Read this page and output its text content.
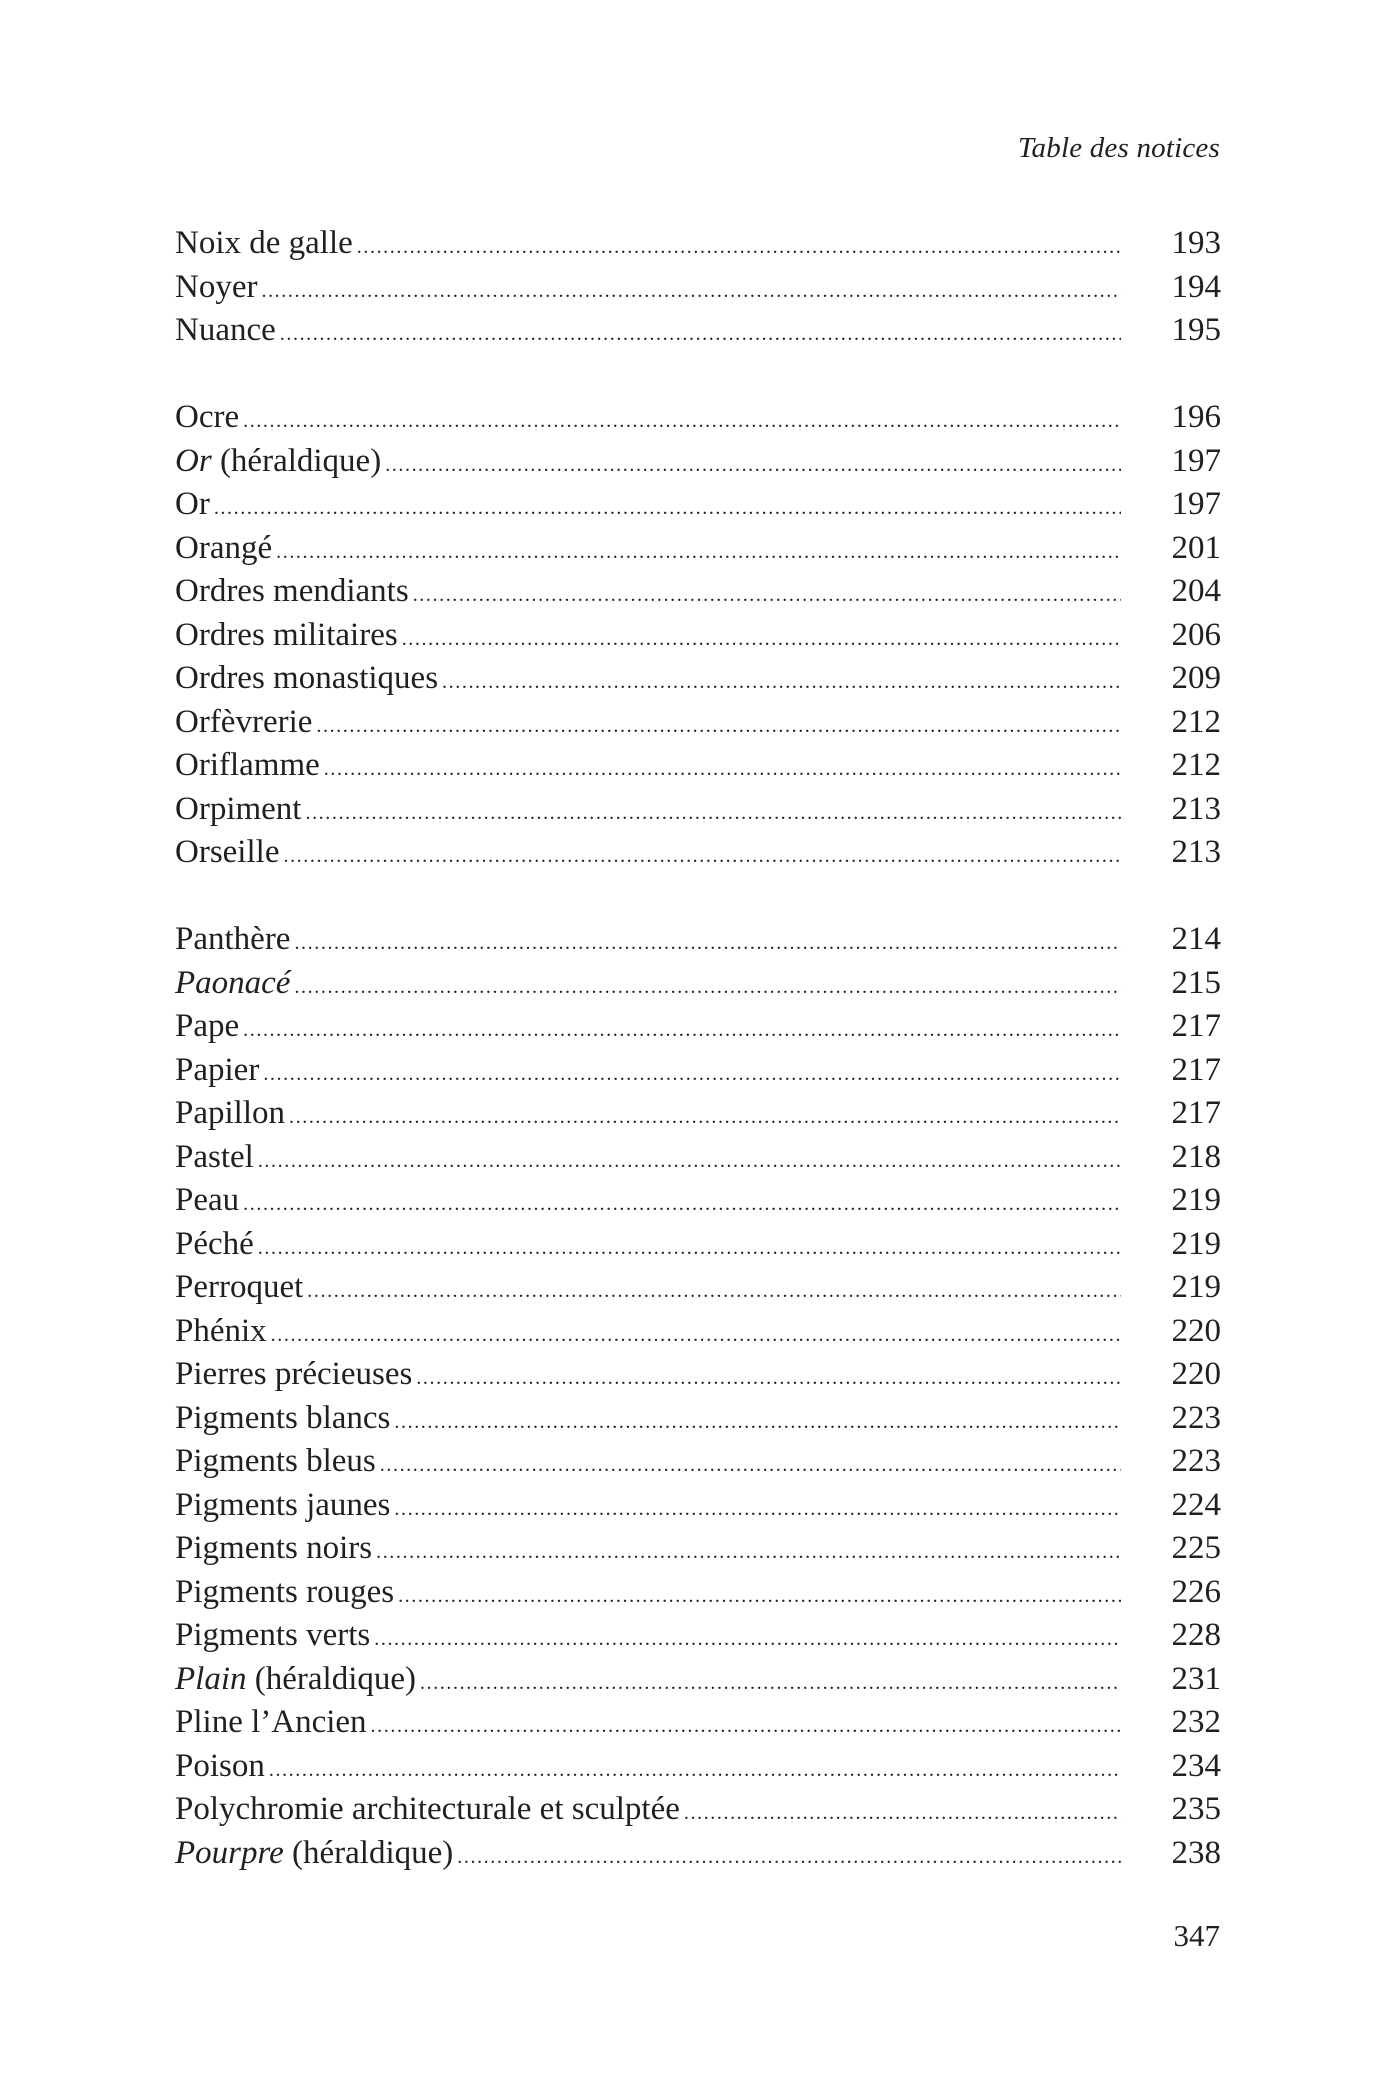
Table des notices
Noix de galle .....	193
Noyer .....	194
Nuance .....	195
Ocre .....	196
Or (héraldique) .....	197
Or .....	197
Orangé .....	201
Ordres mendiants .....	204
Ordres militaires .....	206
Ordres monastiques .....	209
Orfèvrerie .....	212
Oriflamme .....	212
Orpiment .....	213
Orseille .....	213
Panthère .....	214
Paonacé .....	215
Pape .....	217
Papier .....	217
Papillon .....	217
Pastel .....	218
Peau .....	219
Péché .....	219
Perroquet .....	219
Phénix .....	220
Pierres précieuses .....	220
Pigments blancs .....	223
Pigments bleus .....	223
Pigments jaunes .....	224
Pigments noirs .....	225
Pigments rouges .....	226
Pigments verts .....	228
Plain (héraldique) .....	231
Pline l’Ancien .....	232
Poison .....	234
Polychromie architecturale et sculptée .....	235
Pourpre (héraldique) .....	238
347
